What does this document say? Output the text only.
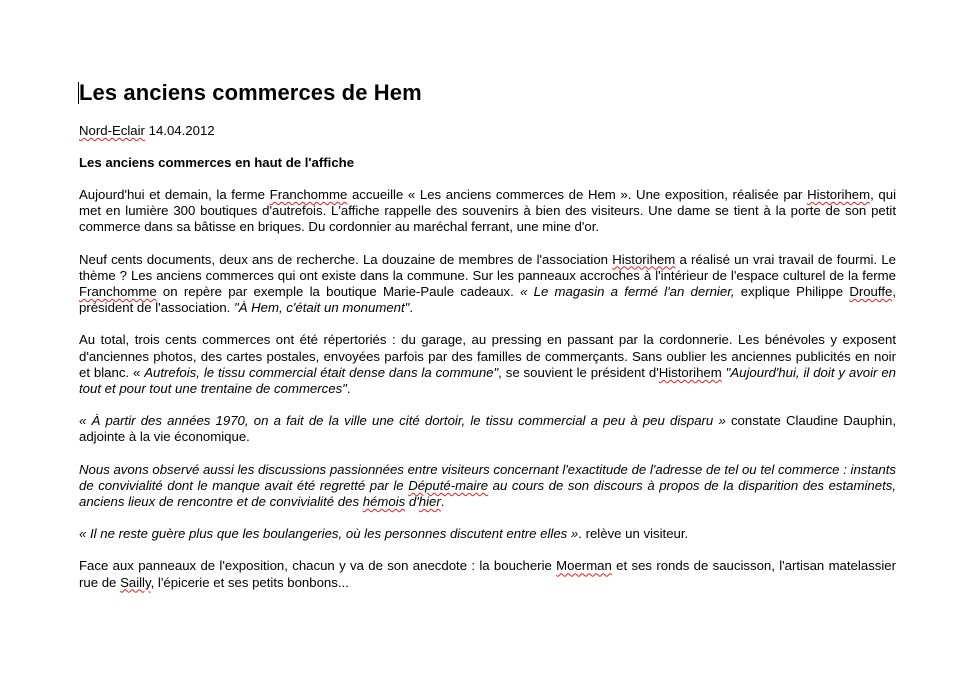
Les anciens commerces de Hem
Nord-Eclair 14.04.2012
Les anciens commerces en haut de l'affiche

Aujourd'hui et demain, la ferme Franchomme accueille « Les anciens commerces de Hem ». Une exposition, réalisée par Historihem, qui met en lumière 300 boutiques d'autrefois. L'affiche rappelle des souvenirs à bien des visiteurs. Une dame se tient à la porte de son petit commerce dans sa bâtisse en briques. Du cordonnier au maréchal ferrant, une mine d'or.

Neuf cents documents, deux ans de recherche. La douzaine de membres de l'association Historihem a réalisé un vrai travail de fourmi. Le thème ? Les anciens commerces qui ont existe dans la commune. Sur les panneaux accroches à l'intérieur de l'espace culturel de la ferme Franchomme on repère par exemple la boutique Marie-Paule cadeaux. « Le magasin a fermé l'an dernier, explique Philippe Drouffe, président de l'association. "À Hem, c'était un monument".

Au total, trois cents commerces ont été répertoriés : du garage, au pressing en passant par la cordonnerie. Les bénévoles y exposent d'anciennes photos, des cartes postales, envoyées parfois par des familles de commerçants. Sans oublier les anciennes publicités en noir et blanc. « Autrefois, le tissu commercial était dense dans la commune", se souvient le président d'Historihem "Aujourd'hui, il doit y avoir en tout et pour tout une trentaine de commerces".

« À partir des années 1970, on a fait de la ville une cité dortoir, le tissu commercial a peu à peu disparu » constate Claudine Dauphin, adjointe à la vie économique.

Nous avons observé aussi les discussions passionnées entre visiteurs concernant l'exactitude de l'adresse de tel ou tel commerce : instants de convivialité dont le manque avait été regretté par le Député-maire au cours de son discours à propos de la disparition des estaminets, anciens lieux de rencontre et de convivialité des hémois d'hier.

« Il ne reste guère plus que les boulangeries, où les personnes discutent entre elles ». relève un visiteur.

Face aux panneaux de l'exposition, chacun y va de son anecdote : la boucherie Moerman et ses ronds de saucisson, l'artisan matelassier rue de Sailly, l'épicerie et ses petits bonbons...
